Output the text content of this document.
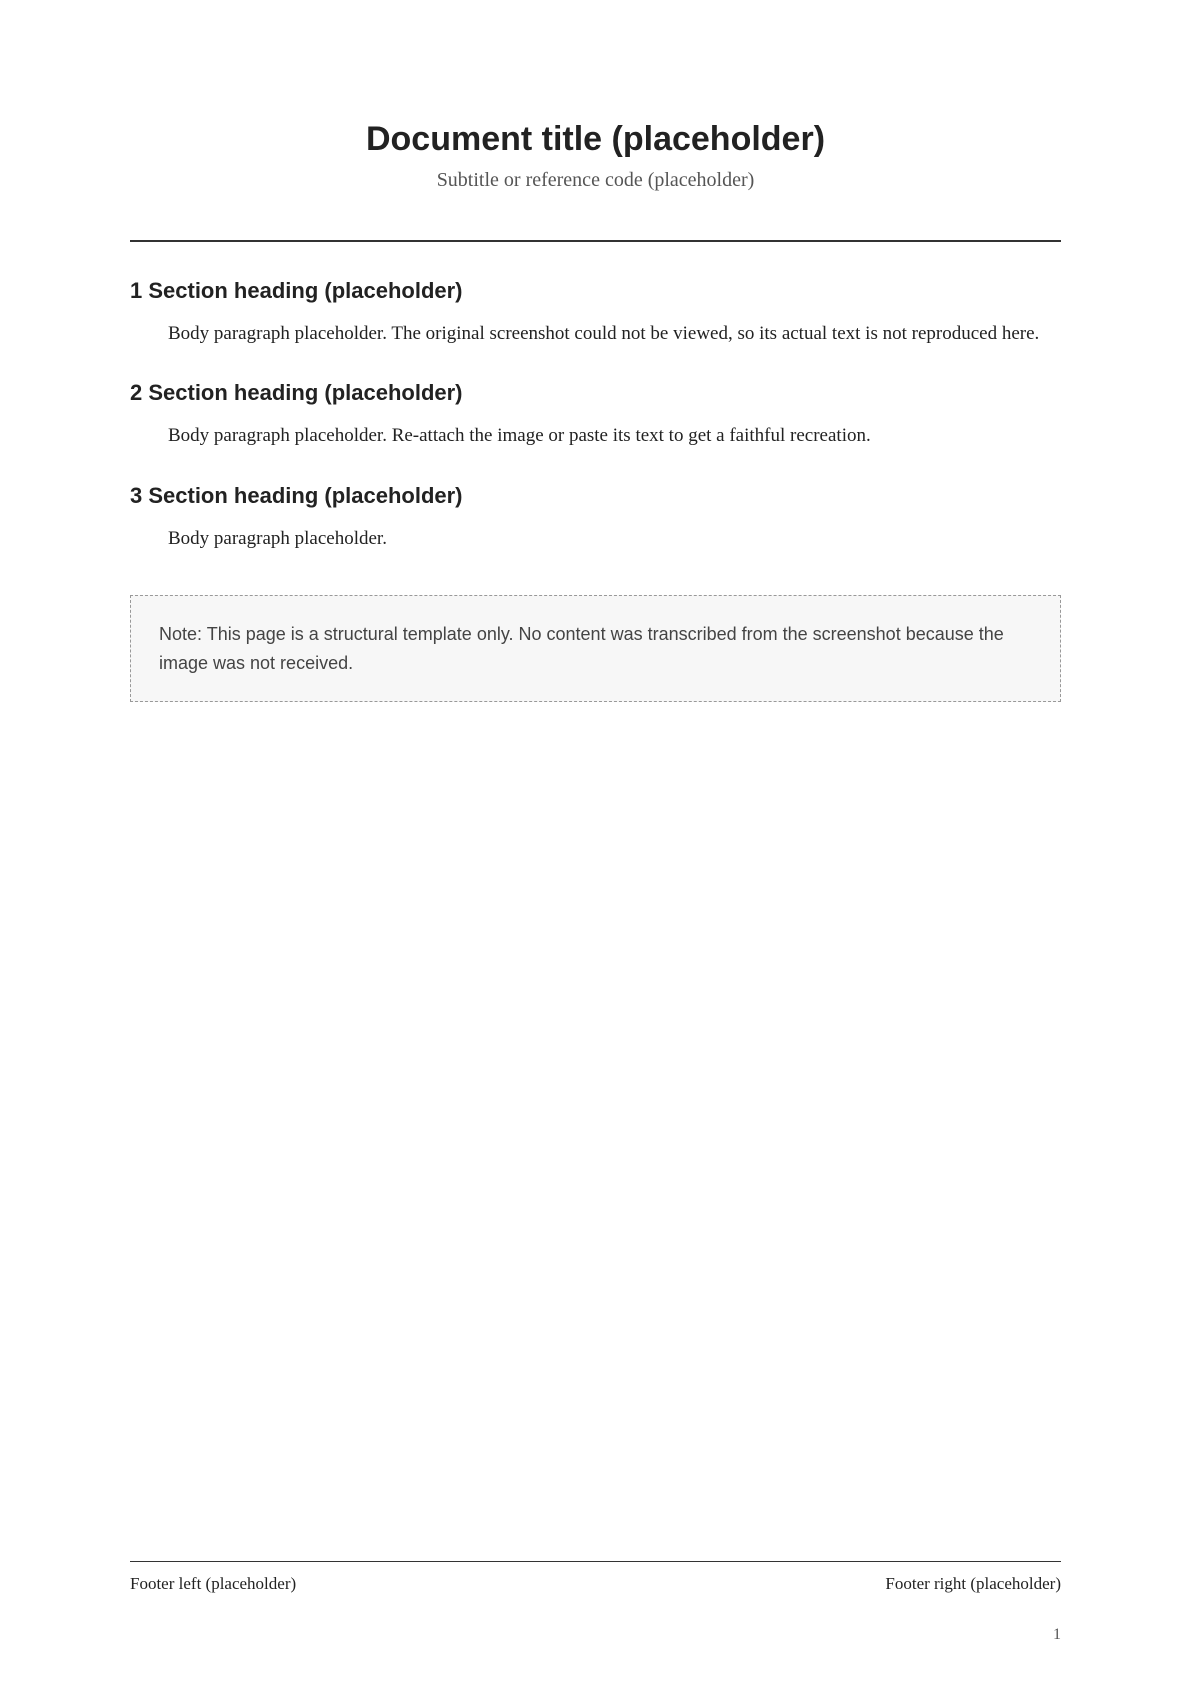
Document title (placeholder)

Subtitle or reference code (placeholder)

1 Section heading (placeholder)

Body paragraph placeholder. The original screenshot could not be viewed, so its actual text is not reproduced here.

2 Section heading (placeholder)

Body paragraph placeholder. Re-attach the image or paste its text to get a faithful recreation.

3 Section heading (placeholder)

Body paragraph placeholder.

Note: This page is a structural template only. No content was transcribed from the screenshot because the image was not received.

Footer left (placeholder)	Footer right (placeholder)
1
